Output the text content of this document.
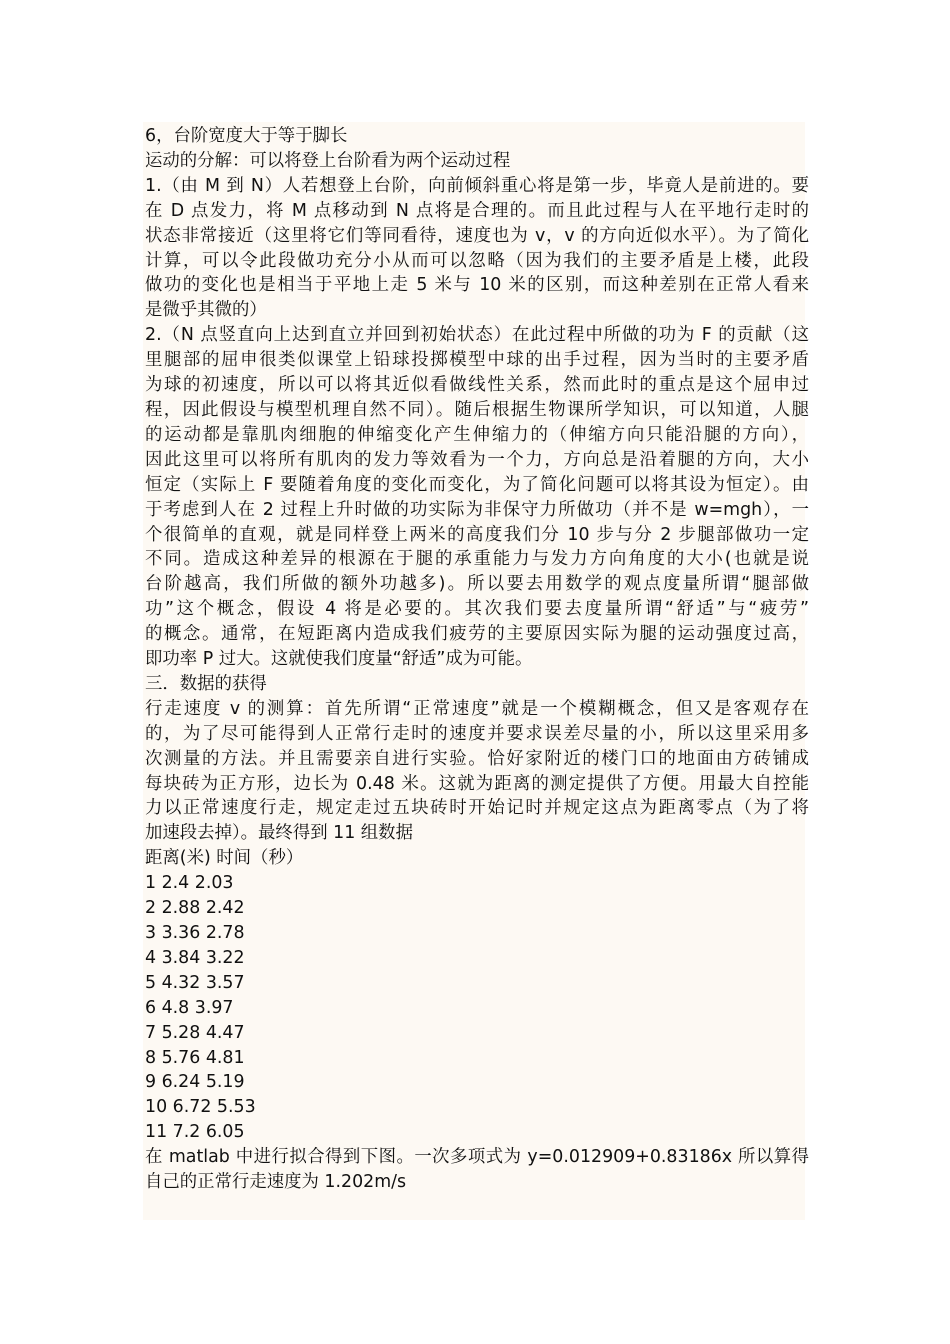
6，台阶宽度大于等于脚长
运动的分解：可以将登上台阶看为两个运动过程
1.（由 M 到 N）人若想登上台阶，向前倾斜重心将是第一步，毕竟人是前进的。要
在 D 点发力，将 M 点移动到 N 点将是合理的。而且此过程与人在平地行走时的
状态非常接近（这里将它们等同看待，速度也为 v，v 的方向近似水平）。为了简化
计算，可以令此段做功充分小从而可以忽略（因为我们的主要矛盾是上楼，此段
做功的变化也是相当于平地上走 5 米与 10 米的区别，而这种差别在正常人看来
是微乎其微的）
2.（N 点竖直向上达到直立并回到初始状态）在此过程中所做的功为 F 的贡献（这
里腿部的屈申很类似课堂上铅球投掷模型中球的出手过程，因为当时的主要矛盾
为球的初速度，所以可以将其近似看做线性关系，然而此时的重点是这个屈申过
程，因此假设与模型机理自然不同）。随后根据生物课所学知识，可以知道，人腿
的运动都是靠肌肉细胞的伸缩变化产生伸缩力的（伸缩方向只能沿腿的方向），
因此这里可以将所有肌肉的发力等效看为一个力，方向总是沿着腿的方向，大小
恒定（实际上 F 要随着角度的变化而变化，为了简化问题可以将其设为恒定）。由
于考虑到人在 2 过程上升时做的功实际为非保守力所做功（并不是 w=mgh），一
个很简单的直观，就是同样登上两米的高度我们分 10 步与分 2 步腿部做功一定
不同。造成这种差异的根源在于腿的承重能力与发力方向角度的大小(也就是说
台阶越高，我们所做的额外功越多)。所以要去用数学的观点度量所谓“腿部做
功”这个概念，假设 4 将是必要的。其次我们要去度量所谓“舒适”与“疲劳”
的概念。通常，在短距离内造成我们疲劳的主要原因实际为腿的运动强度过高，
即功率 P 过大。这就使我们度量“舒适”成为可能。
三．数据的获得
行走速度 v 的测算：首先所谓“正常速度”就是一个模糊概念，但又是客观存在
的，为了尽可能得到人正常行走时的速度并要求误差尽量的小，所以这里采用多
次测量的方法。并且需要亲自进行实验。恰好家附近的楼门口的地面由方砖铺成
每块砖为正方形，边长为 0.48 米。这就为距离的测定提供了方便。用最大自控能
力以正常速度行走，规定走过五块砖时开始记时并规定这点为距离零点（为了将
加速段去掉）。最终得到 11 组数据
距离(米) 时间（秒）
1 2.4 2.03
2 2.88 2.42
3 3.36 2.78
4 3.84 3.22
5 4.32 3.57
6 4.8 3.97
7 5.28 4.47
8 5.76 4.81
9 6.24 5.19
10 6.72 5.53
11 7.2 6.05
在 matlab 中进行拟合得到下图。一次多项式为 y=0.012909+0.83186x 所以算得
自己的正常行走速度为 1.202m/s
